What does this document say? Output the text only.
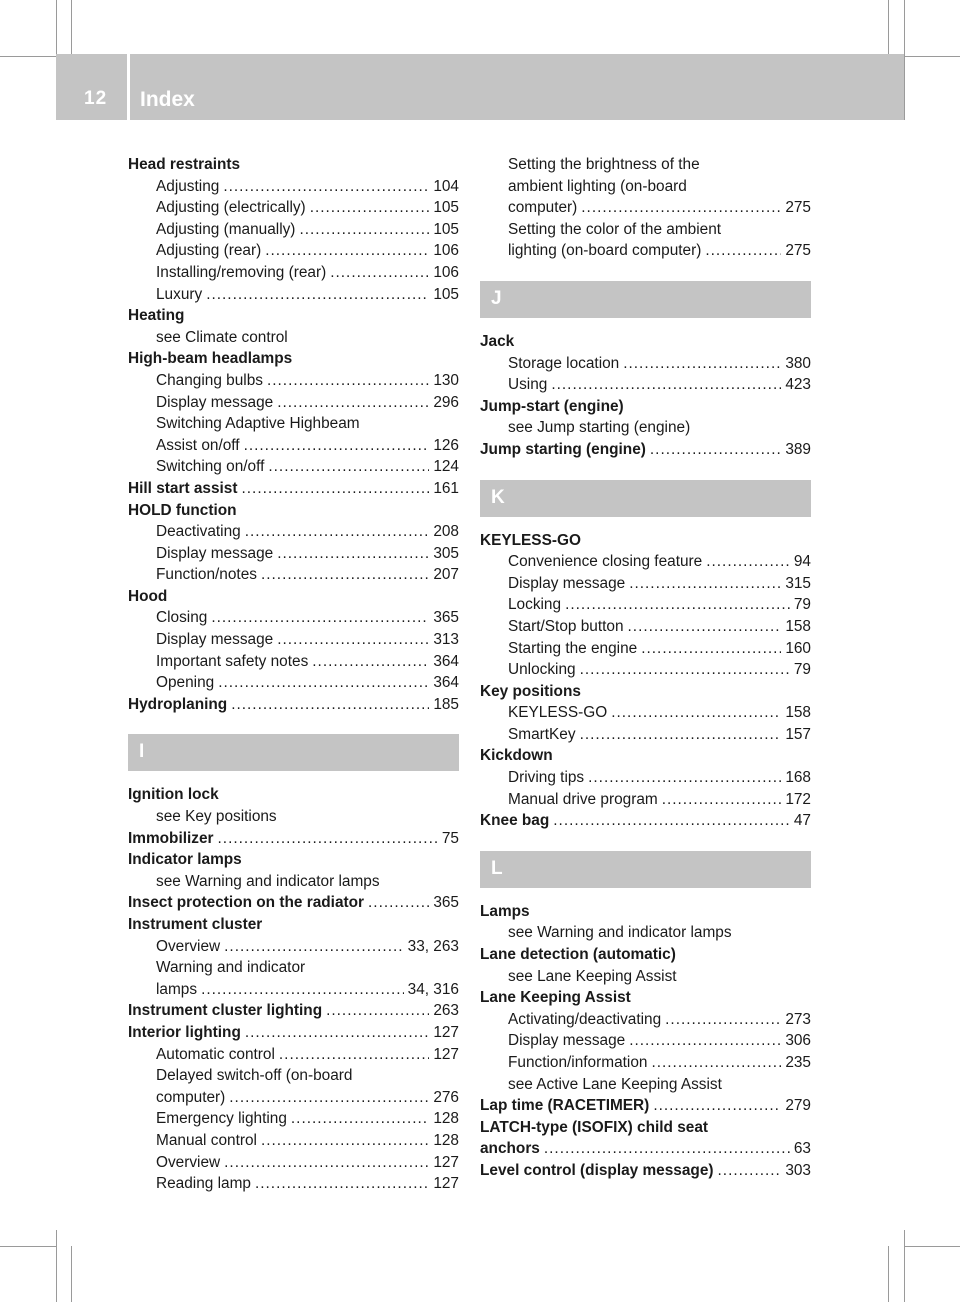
12	Index
Head restraints
Adjusting .....	104
Adjusting (electrically) .....	105
Adjusting (manually) .....	105
Adjusting (rear) .....	106
Installing/removing (rear) .....	106
Luxury .....	105
Heating
see Climate control
High-beam headlamps
Changing bulbs .....	130
Display message .....	296
Switching Adaptive Highbeam
Assist on/off .....	126
Switching on/off .....	124
Hill start assist .....	161
HOLD function
Deactivating .....	208
Display message .....	305
Function/notes .....	207
Hood
Closing .....	365
Display message .....	313
Important safety notes .....	364
Opening .....	364
Hydroplaning .....	185
I
Ignition lock
see Key positions
Immobilizer .....	75
Indicator lamps
see Warning and indicator lamps
Insect protection on the radiator .....	365
Instrument cluster
Overview .....	33, 263
Warning and indicator
lamps .....	34, 316
Instrument cluster lighting .....	263
Interior lighting .....	127
Automatic control .....	127
Delayed switch-off (on-board
computer) .....	276
Emergency lighting .....	128
Manual control .....	128
Overview .....	127
Reading lamp .....	127
Setting the brightness of the
ambient lighting (on-board
computer) .....	275
Setting the color of the ambient
lighting (on-board computer) .....	275
J
Jack
Storage location .....	380
Using .....	423
Jump-start (engine)
see Jump starting (engine)
Jump starting (engine) .....	389
K
KEYLESS-GO
Convenience closing feature .....	94
Display message .....	315
Locking .....	79
Start/Stop button .....	158
Starting the engine .....	160
Unlocking .....	79
Key positions
KEYLESS-GO .....	158
SmartKey .....	157
Kickdown
Driving tips .....	168
Manual drive program .....	172
Knee bag .....	47
L
Lamps
see Warning and indicator lamps
Lane detection (automatic)
see Lane Keeping Assist
Lane Keeping Assist
Activating/deactivating .....	273
Display message .....	306
Function/information .....	235
see Active Lane Keeping Assist
Lap time (RACETIMER) .....	279
LATCH-type (ISOFIX) child seat
anchors .....	63
Level control (display message) .....	303
